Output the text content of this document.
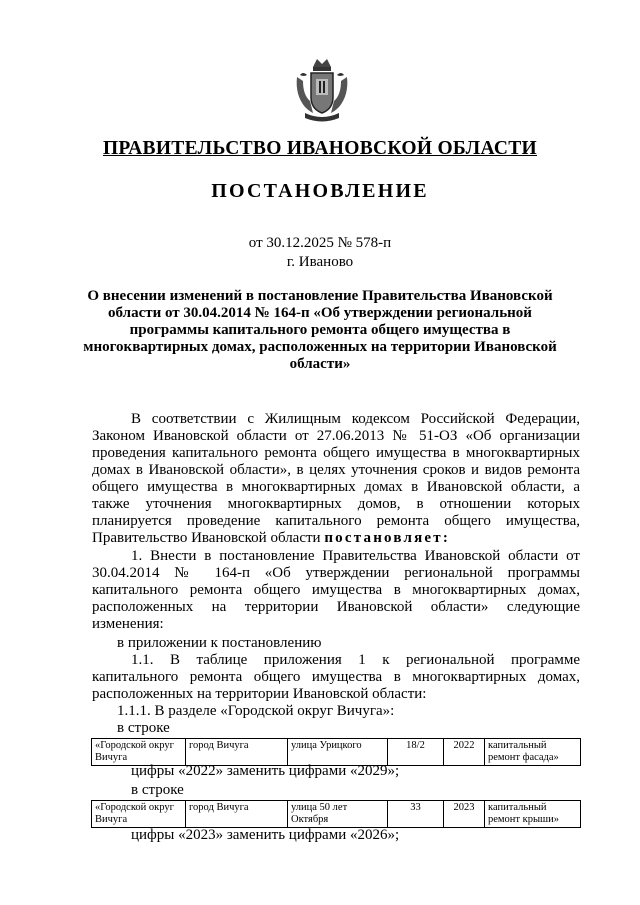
ПРАВИТЕЛЬСТВО ИВАНОВСКОЙ ОБЛАСТИ
ПОСТАНОВЛЕНИЕ
от 30.12.2025 № 578-п
г. Иваново
О внесении изменений в постановление Правительства Ивановской области от 30.04.2014 № 164-п «Об утверждении региональной программы капитального ремонта общего имущества в многоквартирных домах, расположенных на территории Ивановской области»
В соответствии с Жилищным кодексом Российской Федерации, Законом Ивановской области от 27.06.2013 № 51-ОЗ «Об организации проведения капитального ремонта общего имущества в многоквартирных домах в Ивановской области», в целях уточнения сроков и видов ремонта общего имущества в многоквартирных домах в Ивановской области, а также уточнения многоквартирных домов, в отношении которых планируется проведение капитального ремонта общего имущества, Правительство Ивановской области постановляет:
1. Внести в постановление Правительства Ивановской области от 30.04.2014 № 164-п «Об утверждении региональной программы капитального ремонта общего имущества в многоквартирных домах, расположенных на территории Ивановской области» следующие изменения:
в приложении к постановлению
1.1. В таблице приложения 1 к региональной программе капитального ремонта общего имущества в многоквартирных домах, расположенных на территории Ивановской области:
1.1.1. В разделе «Городской округ Вичуга»:
в строке
«Городской округ Вичуга	город Вичуга	улица Урицкого	18/2	2022	капитальный ремонт фасада»
цифры «2022» заменить цифрами «2029»;
в строке
«Городской округ Вичуга	город Вичуга	улица 50 лет Октября	33	2023	капитальный ремонт крыши»
цифры «2023» заменить цифрами «2026»;
